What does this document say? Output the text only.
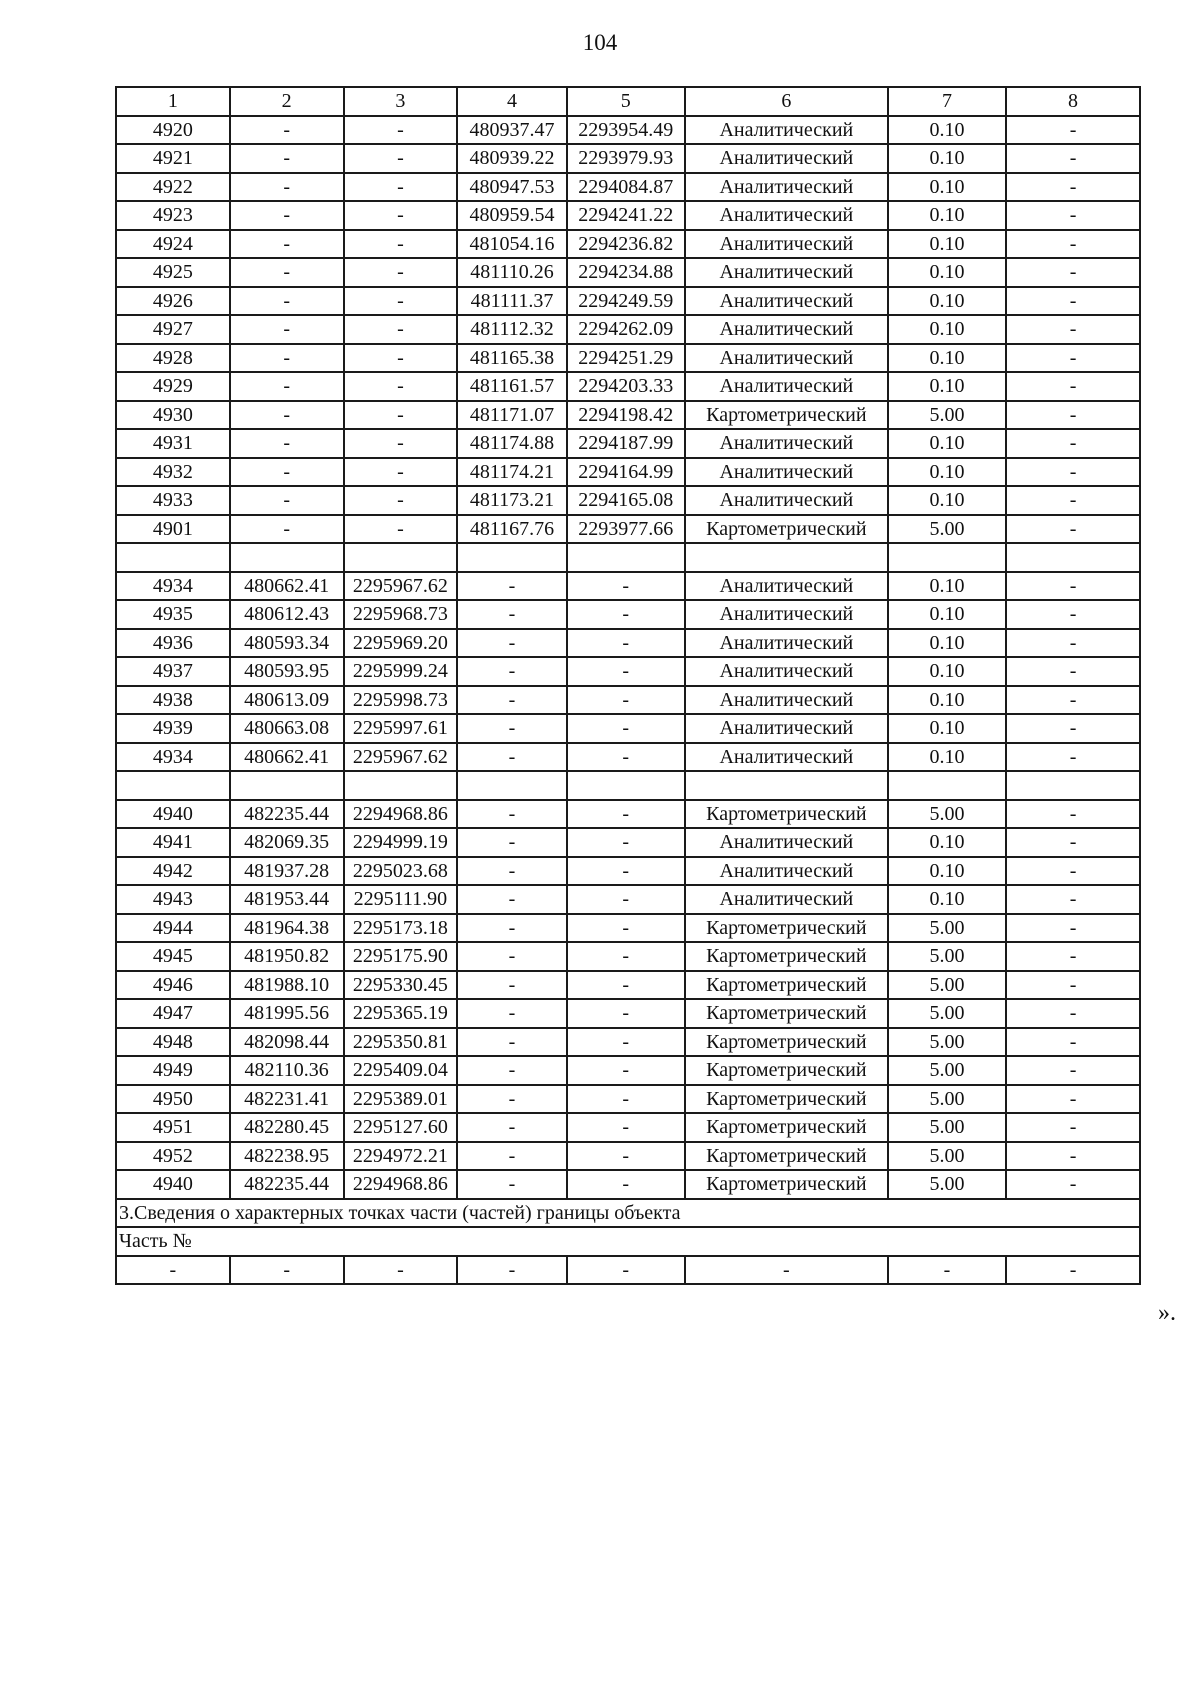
104
1	2	3	4	5	6	7	8
4920	-	-	480937.47	2293954.49	Аналитический	0.10	-
4921	-	-	480939.22	2293979.93	Аналитический	0.10	-
4922	-	-	480947.53	2294084.87	Аналитический	0.10	-
4923	-	-	480959.54	2294241.22	Аналитический	0.10	-
4924	-	-	481054.16	2294236.82	Аналитический	0.10	-
4925	-	-	481110.26	2294234.88	Аналитический	0.10	-
4926	-	-	481111.37	2294249.59	Аналитический	0.10	-
4927	-	-	481112.32	2294262.09	Аналитический	0.10	-
4928	-	-	481165.38	2294251.29	Аналитический	0.10	-
4929	-	-	481161.57	2294203.33	Аналитический	0.10	-
4930	-	-	481171.07	2294198.42	Картометрический	5.00	-
4931	-	-	481174.88	2294187.99	Аналитический	0.10	-
4932	-	-	481174.21	2294164.99	Аналитический	0.10	-
4933	-	-	481173.21	2294165.08	Аналитический	0.10	-
4901	-	-	481167.76	2293977.66	Картометрический	5.00	-

4934	480662.41	2295967.62	-	-	Аналитический	0.10	-
4935	480612.43	2295968.73	-	-	Аналитический	0.10	-
4936	480593.34	2295969.20	-	-	Аналитический	0.10	-
4937	480593.95	2295999.24	-	-	Аналитический	0.10	-
4938	480613.09	2295998.73	-	-	Аналитический	0.10	-
4939	480663.08	2295997.61	-	-	Аналитический	0.10	-
4934	480662.41	2295967.62	-	-	Аналитический	0.10	-

4940	482235.44	2294968.86	-	-	Картометрический	5.00	-
4941	482069.35	2294999.19	-	-	Аналитический	0.10	-
4942	481937.28	2295023.68	-	-	Аналитический	0.10	-
4943	481953.44	2295111.90	-	-	Аналитический	0.10	-
4944	481964.38	2295173.18	-	-	Картометрический	5.00	-
4945	481950.82	2295175.90	-	-	Картометрический	5.00	-
4946	481988.10	2295330.45	-	-	Картометрический	5.00	-
4947	481995.56	2295365.19	-	-	Картометрический	5.00	-
4948	482098.44	2295350.81	-	-	Картометрический	5.00	-
4949	482110.36	2295409.04	-	-	Картометрический	5.00	-
4950	482231.41	2295389.01	-	-	Картометрический	5.00	-
4951	482280.45	2295127.60	-	-	Картометрический	5.00	-
4952	482238.95	2294972.21	-	-	Картометрический	5.00	-
4940	482235.44	2294968.86	-	-	Картометрический	5.00	-
3.Сведения о характерных точках части (частей) границы объекта							
Часть №							
-	-	-	-	-	-	-	-
».
